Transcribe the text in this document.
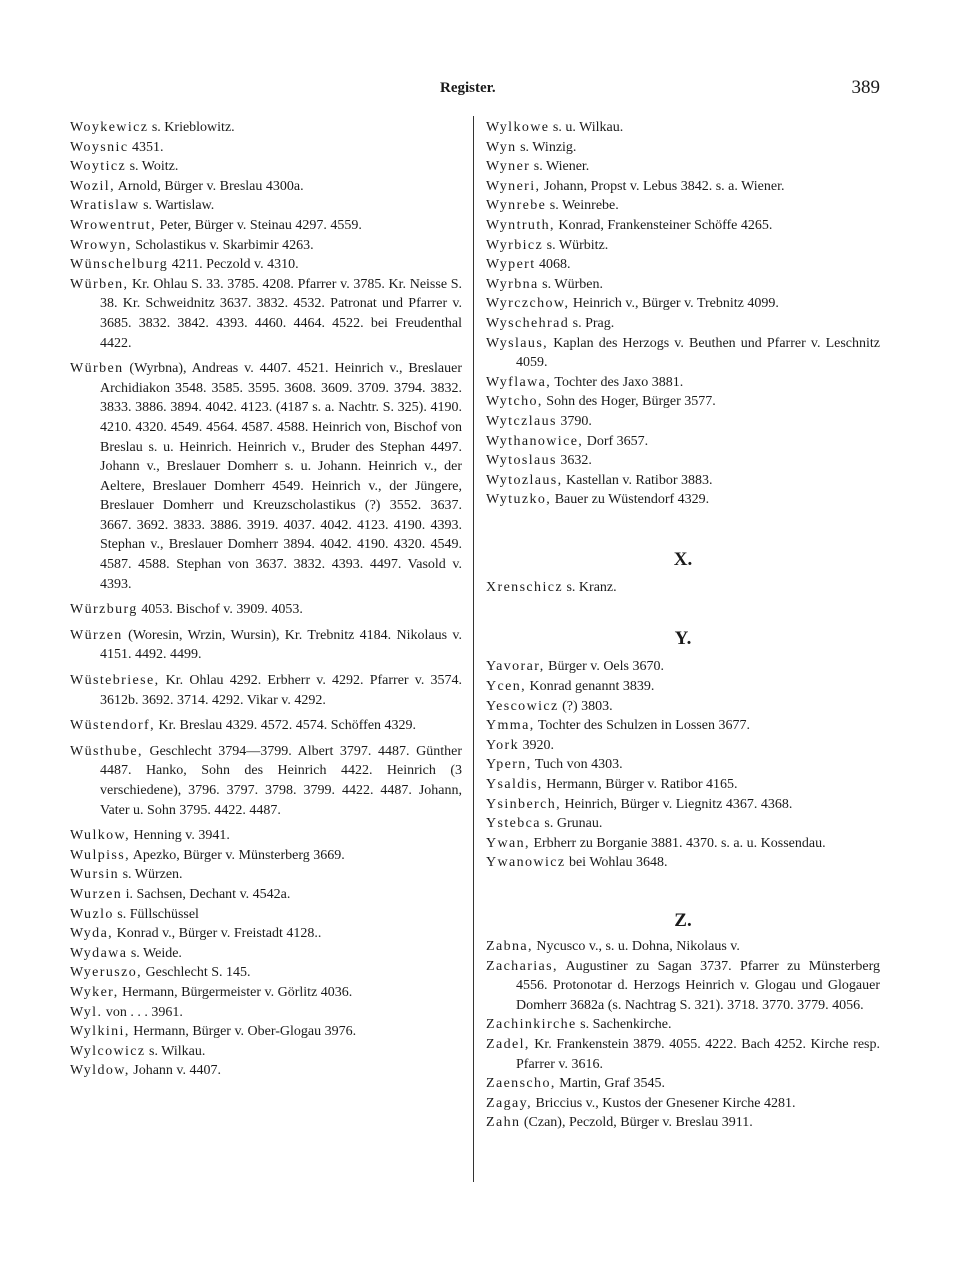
Register.	389

Woykewicz s. Krieblowitz.

Woysnic 4351.

Woyticz s. Woitz.

Wozil, Arnold, Bürger v. Breslau 4300a.

Wratislaw s. Wartislaw.

Wrowentrut, Peter, Bürger v. Steinau 4297. 4559.

Wrowyn, Scholastikus v. Skarbimir 4263.

Wünschelburg 4211. Peczold v. 4310.

Würben, Kr. Ohlau S. 33. 3785. 4208. Pfarrer v. 3785. Kr. Neisse S. 38. Kr. Schweidnitz 3637. 3832. 4532. Patronat und Pfarrer v. 3685. 3832. 3842. 4393. 4460. 4464. 4522. bei Freudenthal 4422.

Würben (Wyrbna), Andreas v. 4407. 4521. Heinrich v., Breslauer Archidiakon 3548. 3585. 3595. 3608. 3609. 3709. 3794. 3832. 3833. 3886. 3894. 4042. 4123. (4187 s. a. Nachtr. S. 325). 4190. 4210. 4320. 4549. 4564. 4587. 4588. Heinrich von, Bischof von Breslau s. u. Heinrich. Heinrich v., Bruder des Stephan 4497. Johann v., Breslauer Domherr s. u. Johann. Heinrich v., der Aeltere, Breslauer Domherr 4549. Heinrich v., der Jüngere, Breslauer Domherr und Kreuzscholastikus (?) 3552. 3637. 3667. 3692. 3833. 3886. 3919. 4037. 4042. 4123. 4190. 4393. Stephan v., Breslauer Domherr 3894. 4042. 4190. 4320. 4549. 4587. 4588. Stephan von 3637. 3832. 4393. 4497. Vasold v. 4393.

Würzburg 4053. Bischof v. 3909. 4053.

Würzen (Woresin, Wrzin, Wursin), Kr. Trebnitz 4184. Nikolaus v. 4151. 4492. 4499.

Wüstebriese, Kr. Ohlau 4292. Erbherr v. 4292. Pfarrer v. 3574. 3612b. 3692. 3714. 4292. Vikar v. 4292.

Wüstendorf, Kr. Breslau 4329. 4572. 4574. Schöffen 4329.

Wüsthube, Geschlecht 3794—3799. Albert 3797. 4487. Günther 4487. Hanko, Sohn des Heinrich 4422. Heinrich (3 verschiedene), 3796. 3797. 3798. 3799. 4422. 4487. Johann, Vater u. Sohn 3795. 4422. 4487.

Wulkow, Henning v. 3941.

Wulpiss, Apezko, Bürger v. Münsterberg 3669.

Wursin s. Würzen.

Wurzen i. Sachsen, Dechant v. 4542a.

Wuzlo s. Füllschüssel

Wyda, Konrad v., Bürger v. Freistadt 4128..

Wydawa s. Weide.

Wyeruszo, Geschlecht S. 145.

Wyker, Hermann, Bürgermeister v. Görlitz 4036.

Wyl. von . . . 3961.

Wylkini, Hermann, Bürger v. Ober-Glogau 3976.

Wylcowicz s. Wilkau.

Wyldow, Johann v. 4407.

Wylkowe s. u. Wilkau.

Wyn s. Winzig.

Wyner s. Wiener.

Wyneri, Johann, Propst v. Lebus 3842. s. a. Wiener.

Wynrebe s. Weinrebe.

Wyntruth, Konrad, Frankensteiner Schöffe 4265.

Wyrbicz s. Würbitz.

Wypert 4068.

Wyrbna s. Würben.

Wyrczchow, Heinrich v., Bürger v. Trebnitz 4099.

Wyschehrad s. Prag.

Wyslaus, Kaplan des Herzogs v. Beuthen und Pfarrer v. Leschnitz 4059.

Wyflawa, Tochter des Jaxo 3881.

Wytcho, Sohn des Hoger, Bürger 3577.

Wytczlaus 3790.

Wythanowice, Dorf 3657.

Wytoslaus 3632.

Wytozlaus, Kastellan v. Ratibor 3883.

Wytuzko, Bauer zu Wüstendorf 4329.

X.

Xrenschicz s. Kranz.

Y.

Yavorar, Bürger v. Oels 3670.

Ycen, Konrad genannt 3839.

Yescowicz (?) 3803.

Ymma, Tochter des Schulzen in Lossen 3677.

York 3920.

Ypern, Tuch von 4303.

Ysaldis, Hermann, Bürger v. Ratibor 4165.

Ysinberch, Heinrich, Bürger v. Liegnitz 4367. 4368.

Ystebca s. Grunau.

Ywan, Erbherr zu Borganie 3881. 4370. s. a. u. Kossendau.

Ywanowicz bei Wohlau 3648.

Z.

Zabna, Nycusco v., s. u. Dohna, Nikolaus v.

Zacharias, Augustiner zu Sagan 3737. Pfarrer zu Münsterberg 4556. Protonotar d. Herzogs Heinrich v. Glogau und Glogauer Domherr 3682a (s. Nachtrag S. 321). 3718. 3770. 3779. 4056.

Zachinkirche s. Sachenkirche.

Zadel, Kr. Frankenstein 3879. 4055. 4222. Bach 4252. Kirche resp. Pfarrer v. 3616.

Zaenscho, Martin, Graf 3545.

Zagay, Briccius v., Kustos der Gnesener Kirche 4281.

Zahn (Czan), Peczold, Bürger v. Breslau 3911.
